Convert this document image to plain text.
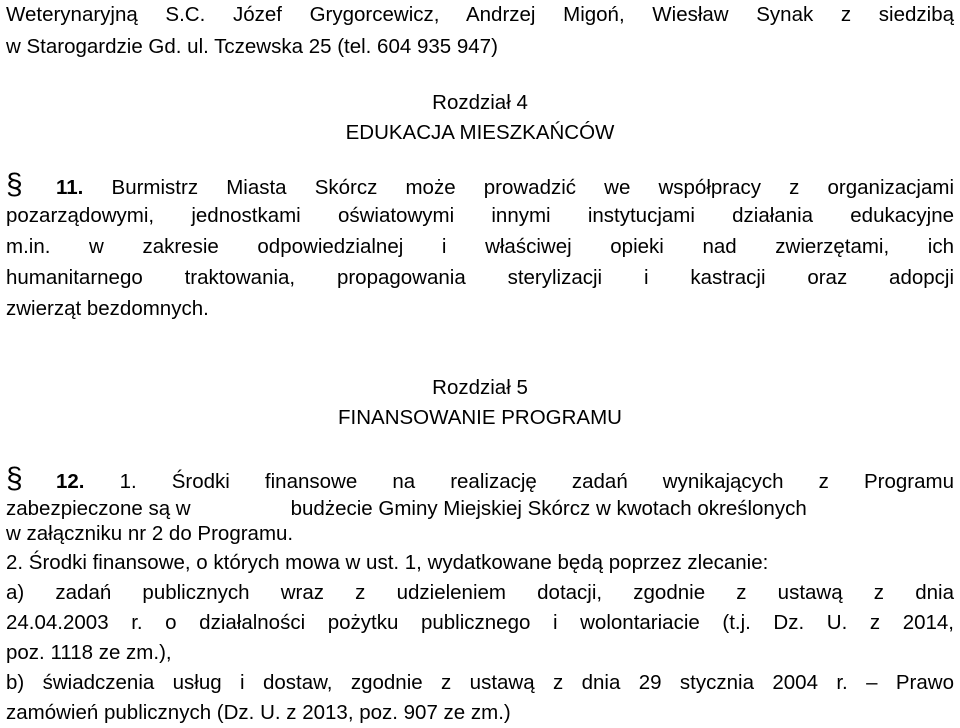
Weterynaryjną S.C. Józef Grygorcewicz, Andrzej Migoń, Wiesław Synak z siedzibą
w Starogardzie Gd. ul. Tczewska 25 (tel. 604 935 947)
Rozdział 4
EDUKACJA MIESZKAŃCÓW
§ 11. Burmistrz Miasta Skórcz może prowadzić we współpracy z organizacjami
pozarządowymi, jednostkami oświatowymi innymi instytucjami działania edukacyjne
m.in. w zakresie odpowiedzialnej i właściwej opieki nad zwierzętami, ich
humanitarnego traktowania, propagowania sterylizacji i kastracji oraz adopcji
zwierząt bezdomnych.
Rozdział 5
FINANSOWANIE PROGRAMU
§ 12. 1. Środki finansowe na realizację zadań wynikających z Programu
zabezpieczone są w	budżecie Gminy Miejskiej Skórcz w kwotach określonych
w załączniku nr 2 do Programu.
2. Środki finansowe, o których mowa w ust. 1, wydatkowane będą poprzez zlecanie:
a) zadań publicznych wraz z udzieleniem dotacji, zgodnie z ustawą z dnia
24.04.2003 r. o działalności pożytku publicznego i wolontariacie (t.j. Dz. U. z 2014,
poz. 1118 ze zm.),
b) świadczenia usług i dostaw, zgodnie z ustawą z dnia 29 stycznia 2004 r. – Prawo
zamówień publicznych (Dz. U. z 2013, poz. 907 ze zm.)
